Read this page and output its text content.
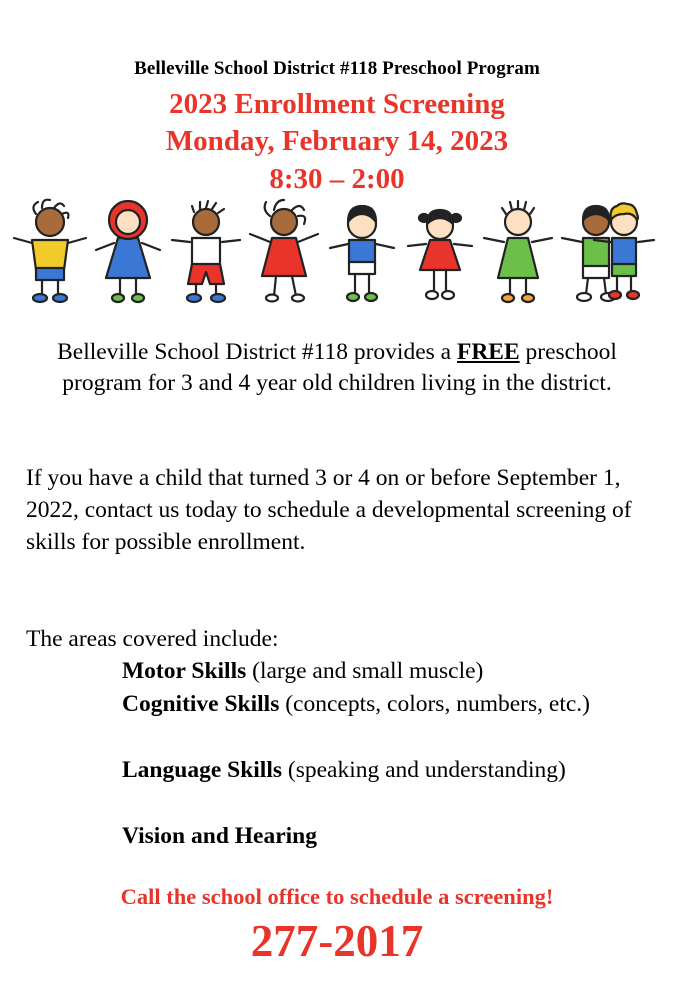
Belleville School District #118 Preschool Program
2023 Enrollment Screening
Monday, February 14, 2023
8:30 – 2:00
Belleville School District #118 provides a FREE preschool program for 3 and 4 year old children living in the district.
If you have a child that turned 3 or 4 on or before September 1, 2022, contact us today to schedule a developmental screening of skills for possible enrollment.
The areas covered include:
Motor Skills (large and small muscle)
Cognitive Skills (concepts, colors, numbers, etc.)
Language Skills (speaking and understanding)
Vision and Hearing
Call the school office to schedule a screening!
277-2017
